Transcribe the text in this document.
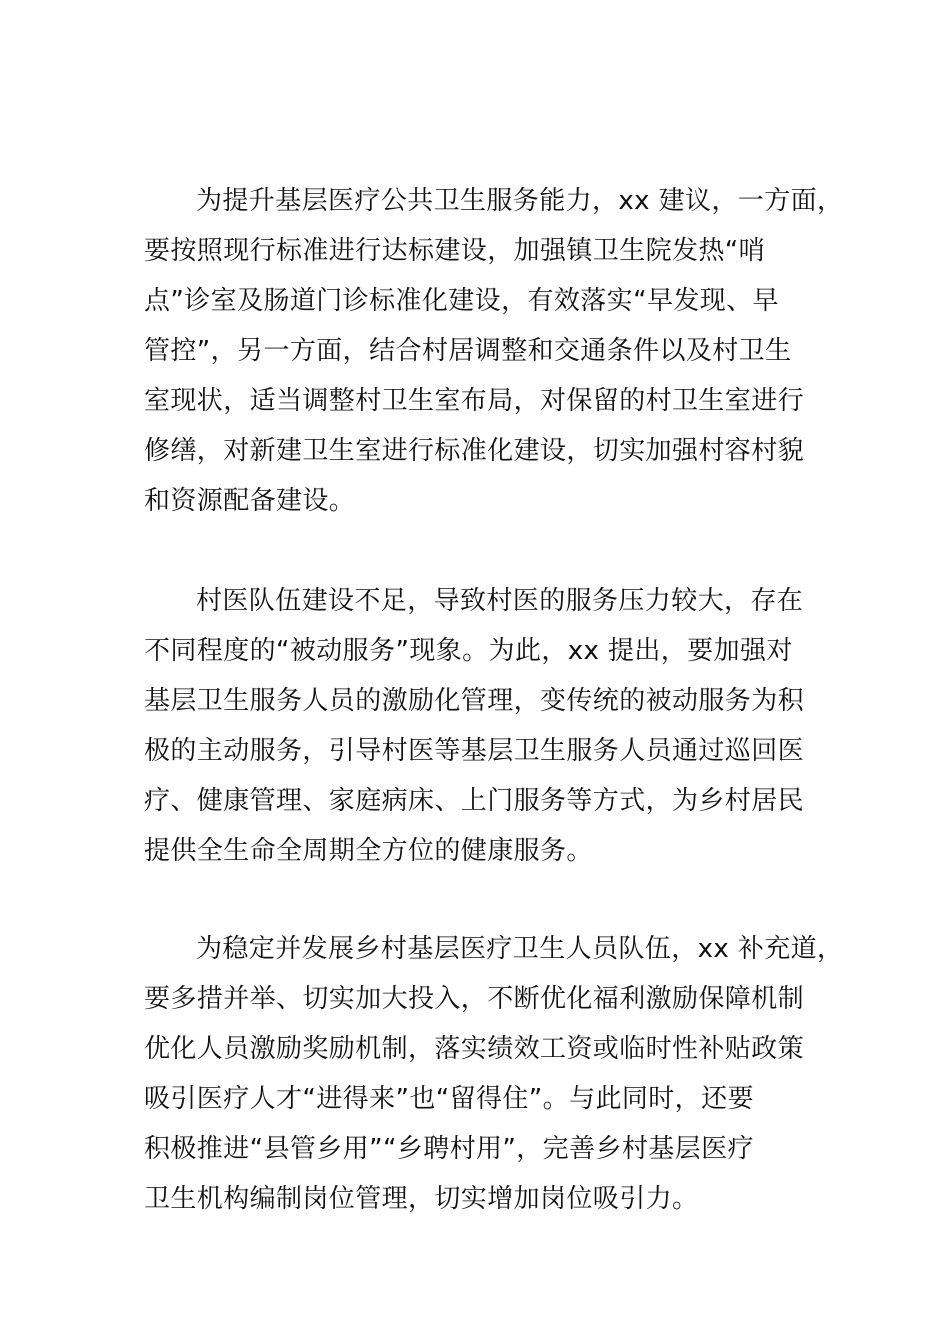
为提升基层医疗公共卫生服务能力，xx 建议，一方面，
要按照现行标准进行达标建设，加强镇卫生院发热“哨
点”诊室及肠道门诊标准化建设，有效落实“早发现、早
管控”，另一方面，结合村居调整和交通条件以及村卫生
室现状，适当调整村卫生室布局，对保留的村卫生室进行
修缮，对新建卫生室进行标准化建设，切实加强村容村貌
和资源配备建设。
村医队伍建设不足，导致村医的服务压力较大，存在
不同程度的“被动服务”现象。为此，xx 提出，要加强对
基层卫生服务人员的激励化管理，变传统的被动服务为积
极的主动服务，引导村医等基层卫生服务人员通过巡回医
疗、健康管理、家庭病床、上门服务等方式，为乡村居民
提供全生命全周期全方位的健康服务。
为稳定并发展乡村基层医疗卫生人员队伍，xx 补充道，
要多措并举、切实加大投入，不断优化福利激励保障机制
优化人员激励奖励机制，落实绩效工资或临时性补贴政策
吸引医疗人才“进得来”也“留得住”。与此同时，还要
积极推进“县管乡用”“乡聘村用”，完善乡村基层医疗
卫生机构编制岗位管理，切实增加岗位吸引力。
